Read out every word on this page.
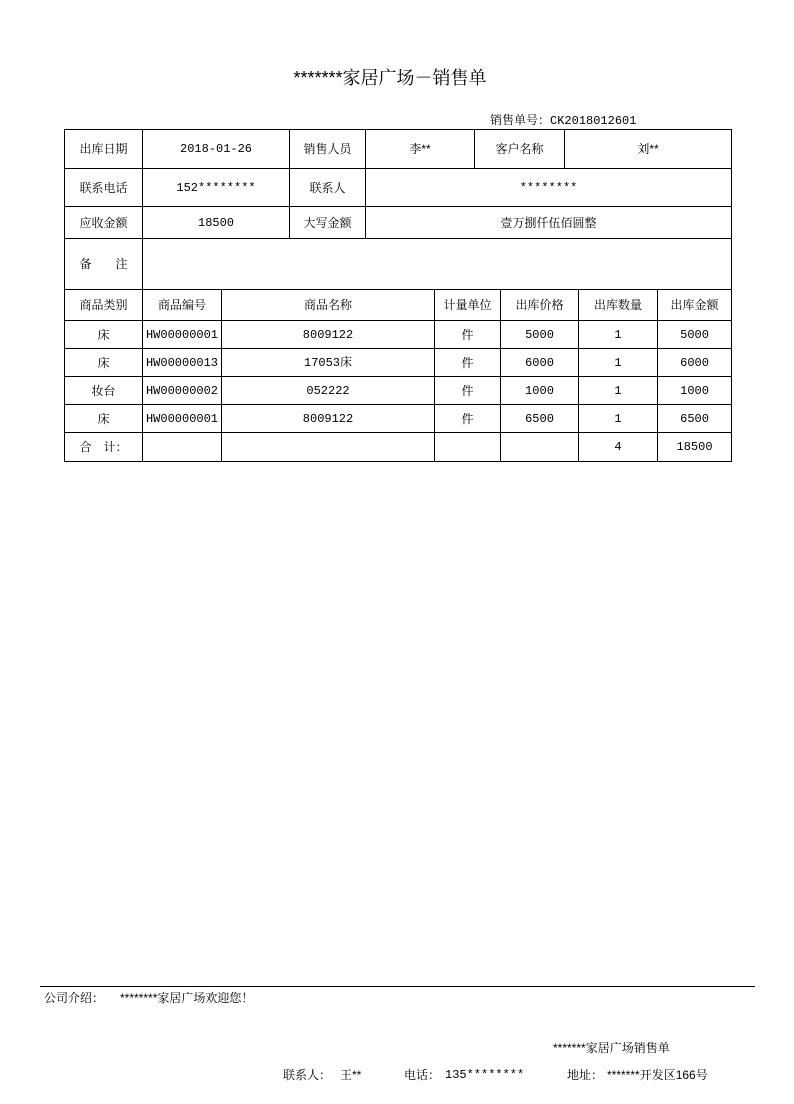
*******家居广场－销售单
销售单号：CK2018012601
出库日期	2018-01-26		销售人员	李**		客户名称		刘**		
联系电话	152********		联系人	********						
应收金额	18500		大写金额	壹万捌仟伍佰圆整						
备　　注										
商品类别	商品编号	商品名称			计量单位		出库价格		出库数量	出库金额
床	HW00000001	8009122			件		5000		1	5000
床	HW00000013	17053床			件		6000		1	6000
妆台	HW00000002	052222			件		1000		1	1000
床	HW00000001	8009122			件		6500		1	6500
合　计：									4	18500
公司介绍： ********家居广场欢迎您！
*******家居广场销售单
联系人： 王**	电话： 135********	地址： *******开发区166号
